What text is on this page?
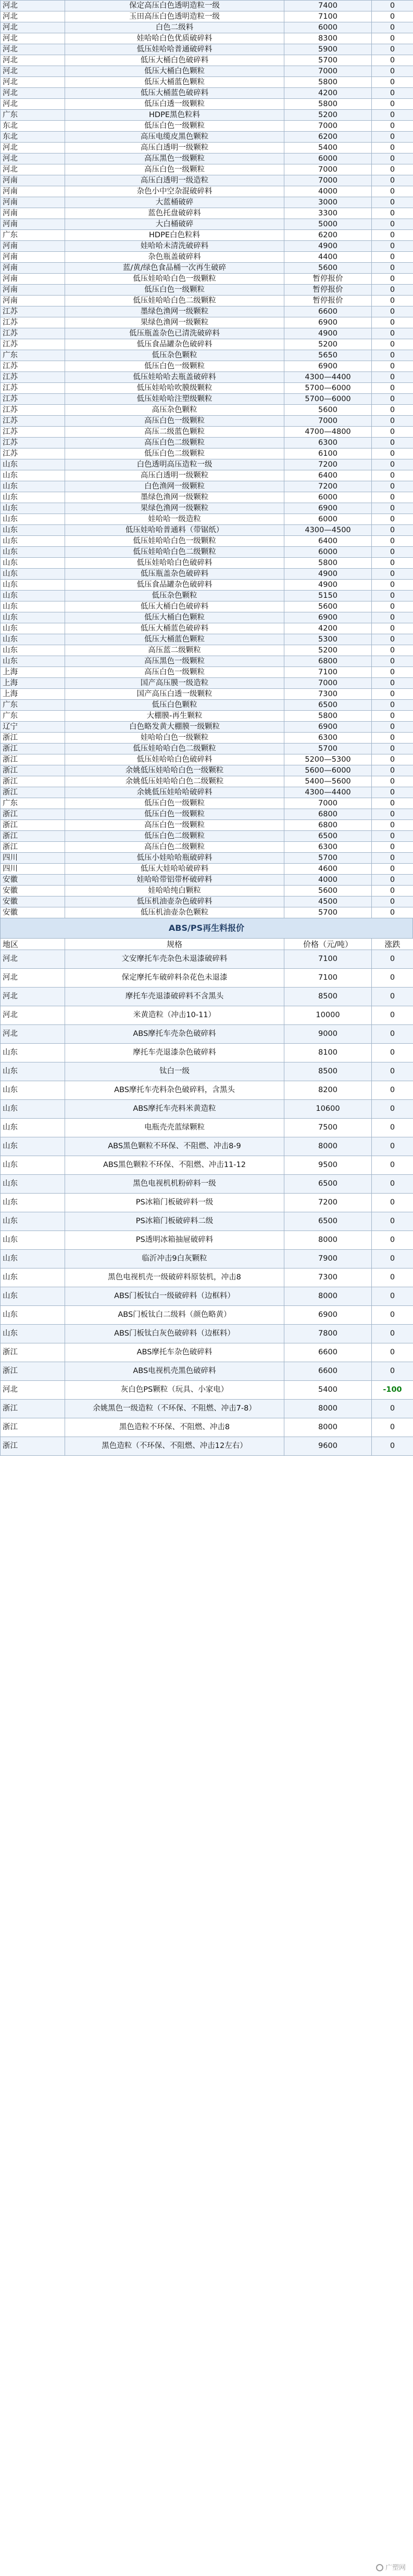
河北	保定高压白色透明造粒一级	7400	0
河北	玉田高压白色透明造粒一级	7100	0
河北	白色二级料	6000	0
河北	娃哈哈白色优质破碎料	8300	0
河北	低压娃哈哈普通破碎料	5900	0
河北	低压大桶白色破碎料	5700	0
河北	低压大桶白色颗粒	7000	0
河北	低压大桶蓝色颗粒	5800	0
河北	低压大桶蓝色破碎料	4200	0
河北	低压白透一级颗粒	5800	0
广东	HDPE黑色粒料	5200	0
东北	低压白色一级颗粒	7000	0
东北	高压电缆皮黑色颗粒	6200	0
河北	高压白透明一级颗粒	5400	0
河北	高压黑色一级颗粒	6000	0
河北	高压白色一级颗粒	7000	0
河南	高压白透明一级造粒	7000	0
河南	杂色小中空杂混破碎料	4000	0
河南	大蓝桶破碎	3000	0
河南	蓝色托盘破碎料	3300	0
河南	大白桶破碎	5000	0
广东	HDPE白色粒料	6200	0
河南	娃哈哈未清洗破碎料	4900	0
河南	杂色瓶盖破碎料	4400	0
河南	蓝/黄/绿色食品桶一次再生破碎	5600	0
河南	低压娃哈哈白色一级颗粒	暂停报价	0
河南	低压白色一级颗粒	暂停报价	0
河南	低压娃哈哈白色二级颗粒	暂停报价	0
江苏	墨绿色渔网一级颗粒	6600	0
江苏	果绿色渔网一级颗粒	6900	0
江苏	低压瓶盖杂色已清洗破碎料	4900	0
江苏	低压食品罐杂色破碎料	5200	0
广东	低压杂色颗粒	5650	0
江苏	低压白色一级颗粒	6900	0
江苏	低压娃哈哈去瓶盖破碎料	4300—4400	0
江苏	低压娃哈哈吹膜级颗粒	5700—6000	0
江苏	低压娃哈哈注塑级颗粒	5700—6000	0
江苏	高压杂色颗粒	5600	0
江苏	高压白色一级颗粒	7000	0
江苏	高压二级蓝色颗粒	4700—4800	0
江苏	高压白色二级颗粒	6300	0
江苏	低压白色二级颗粒	6100	0
山东	白色透明高压造粒一级	7200	0
山东	高压白透明一级颗粒	6400	0
山东	白色渔网一级颗粒	7200	0
山东	墨绿色渔网一级颗粒	6000	0
山东	果绿色渔网一级颗粒	6900	0
山东	娃哈哈一级造粒	6000	0
山东	低压娃哈哈普通料（带锯纸）	4300—4500	0
山东	低压娃哈哈白色一级颗粒	6400	0
山东	低压娃哈哈白色二级颗粒	6000	0
山东	低压娃哈哈白色破碎料	5800	0
山东	低压瓶盖杂色破碎料	4900	0
山东	低压食品罐杂色破碎料	4900	0
山东	低压杂色颗粒	5150	0
山东	低压大桶白色破碎料	5600	0
山东	低压大桶白色颗粒	6900	0
山东	低压大桶蓝色破碎料	4200	0
山东	低压大桶蓝色颗粒	5300	0
山东	高压蓝二级颗粒	5200	0
山东	高压黑色一级颗粒	6800	0
上海	高压白色一级颗粒	7100	0
上海	国产高压膜一级造粒	7000	0
上海	国产高压白透一级颗粒	7300	0
广东	低压白色颗粒	6500	0
广东	大棚膜-再生颗粒	5800	0
辽宁	白色略发黄大棚膜一级颗粒	6900	0
浙江	娃哈哈白色一级颗粒	6300	0
浙江	低压娃哈哈白色二级颗粒	5700	0
浙江	低压娃哈哈白色破碎料	5200—5300	0
浙江	余姚低压娃哈哈白色一级颗粒	5600—6000	0
浙江	余姚低压娃哈哈白色二级颗粒	5400—5600	0
浙江	余姚低压娃哈哈破碎料	4300—4400	0
广东	低压白色一级颗粒	7000	0
浙江	低压白色一级颗粒	6800	0
浙江	高压白色一级颗粒	6800	0
浙江	低压白色二级颗粒	6500	0
浙江	高压白色二级颗粒	6300	0
四川	低压小娃哈哈瓶破碎料	5700	0
四川	低压大娃哈哈破碎料	4600	0
安徽	娃哈哈带铝带杯破碎料	4000	0
安徽	娃哈哈纯白颗粒	5600	0
安徽	低压机油壶杂色破碎料	4500	0
安徽	低压机油壶杂色颗粒	5700	0
ABS/PS再生料报价
地区	规格	价格（元/吨）	涨跌
河北	文安摩托车壳杂色未退漆破碎料	7100	0
河北	保定摩托车破碎料杂花色未退漆	7100	0
河北	摩托车壳退漆破碎料不含黑头	8500	0
河北	米黄造粒（冲击10-11）	10000	0
河北	ABS摩托车壳杂色破碎料	9000	0
山东	摩托车壳退漆杂色破碎料	8100	0
山东	钛白一级	8500	0
山东	ABS摩托车壳料杂色破碎料，含黑头	8200	0
山东	ABS摩托车壳料米黄造粒	10600	0
山东	电瓶壳壳蓝绿颗粒	7500	0
山东	ABS黑色颗粒不环保、不阻燃、冲击8-9	8000	0
山东	ABS黑色颗粒不环保、不阻燃、冲击11-12	9500	0
山东	黑色电视机机粉碎料一级	6500	0
山东	PS冰箱门板破碎料一级	7200	0
山东	PS冰箱门板破碎料二级	6500	0
山东	PS透明冰箱抽屉破碎料	8000	0
山东	临沂冲击9白灰颗粒	7900	0
山东	黑色电视机壳一级破碎料原装机，冲击8	7300	0
山东	ABS门板钛白一级破碎料（边框料）	8000	0
山东	ABS门板钛白二级料（颜色略黄）	6900	0
山东	ABS门板钛白灰色破碎料（边框料）	7800	0
浙江	ABS摩托车杂色破碎料	6600	0
浙江	ABS电视机壳黑色破碎料	6600	0
河北	灰白色PS颗粒（玩具、小家电）	5400	-100
浙江	余姚黑色一级造粒（不环保、不阻燃、冲击7-8）	8000	0
浙江	黑色造粒不环保、不阻燃、冲击8	8000	0
浙江	黑色造粒（不环保、不阻燃、冲击12左右）	9600	0
广塑网
